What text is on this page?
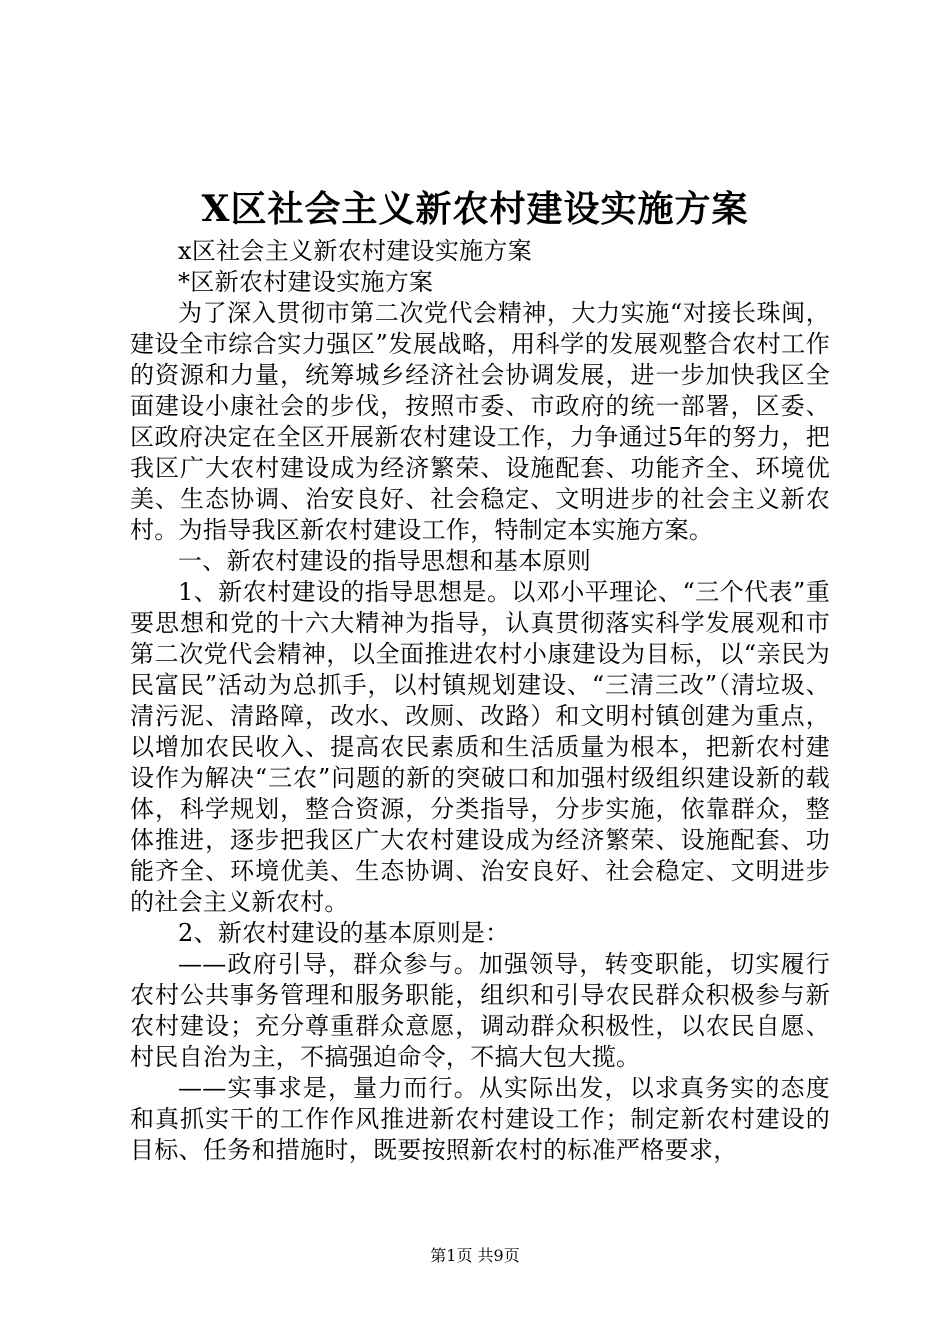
X区社会主义新农村建设实施方案

x区社会主义新农村建设实施方案

*区新农村建设实施方案

为了深入贯彻市第二次党代会精神，大力实施“对接长珠闽，建设全市综合实力强区”发展战略，用科学的发展观整合农村工作的资源和力量，统筹城乡经济社会协调发展，进一步加快我区全面建设小康社会的步伐，按照市委、市政府的统一部署，区委、区政府决定在全区开展新农村建设工作，力争通过5年的努力，把我区广大农村建设成为经济繁荣、设施配套、功能齐全、环境优美、生态协调、治安良好、社会稳定、文明进步的社会主义新农村。为指导我区新农村建设工作，特制定本实施方案。

一、新农村建设的指导思想和基本原则

1、新农村建设的指导思想是。以邓小平理论、“三个代表”重要思想和党的十六大精神为指导，认真贯彻落实科学发展观和市第二次党代会精神，以全面推进农村小康建设为目标，以“亲民为民富民”活动为总抓手，以村镇规划建设、“三清三改”（清垃圾、清污泥、清路障，改水、改厕、改路）和文明村镇创建为重点，以增加农民收入、提高农民素质和生活质量为根本，把新农村建设作为解决“三农”问题的新的突破口和加强村级组织建设新的载体，科学规划，整合资源，分类指导，分步实施，依靠群众，整体推进，逐步把我区广大农村建设成为经济繁荣、设施配套、功能齐全、环境优美、生态协调、治安良好、社会稳定、文明进步的社会主义新农村。

2、新农村建设的基本原则是：

——政府引导，群众参与。加强领导，转变职能，切实履行农村公共事务管理和服务职能，组织和引导农民群众积极参与新农村建设；充分尊重群众意愿，调动群众积极性，以农民自愿、村民自治为主，不搞强迫命令，不搞大包大揽。

——实事求是，量力而行。从实际出发，以求真务实的态度和真抓实干的工作作风推进新农村建设工作；制定新农村建设的目标、任务和措施时，既要按照新农村的标准严格要求，

第1页 共9页
